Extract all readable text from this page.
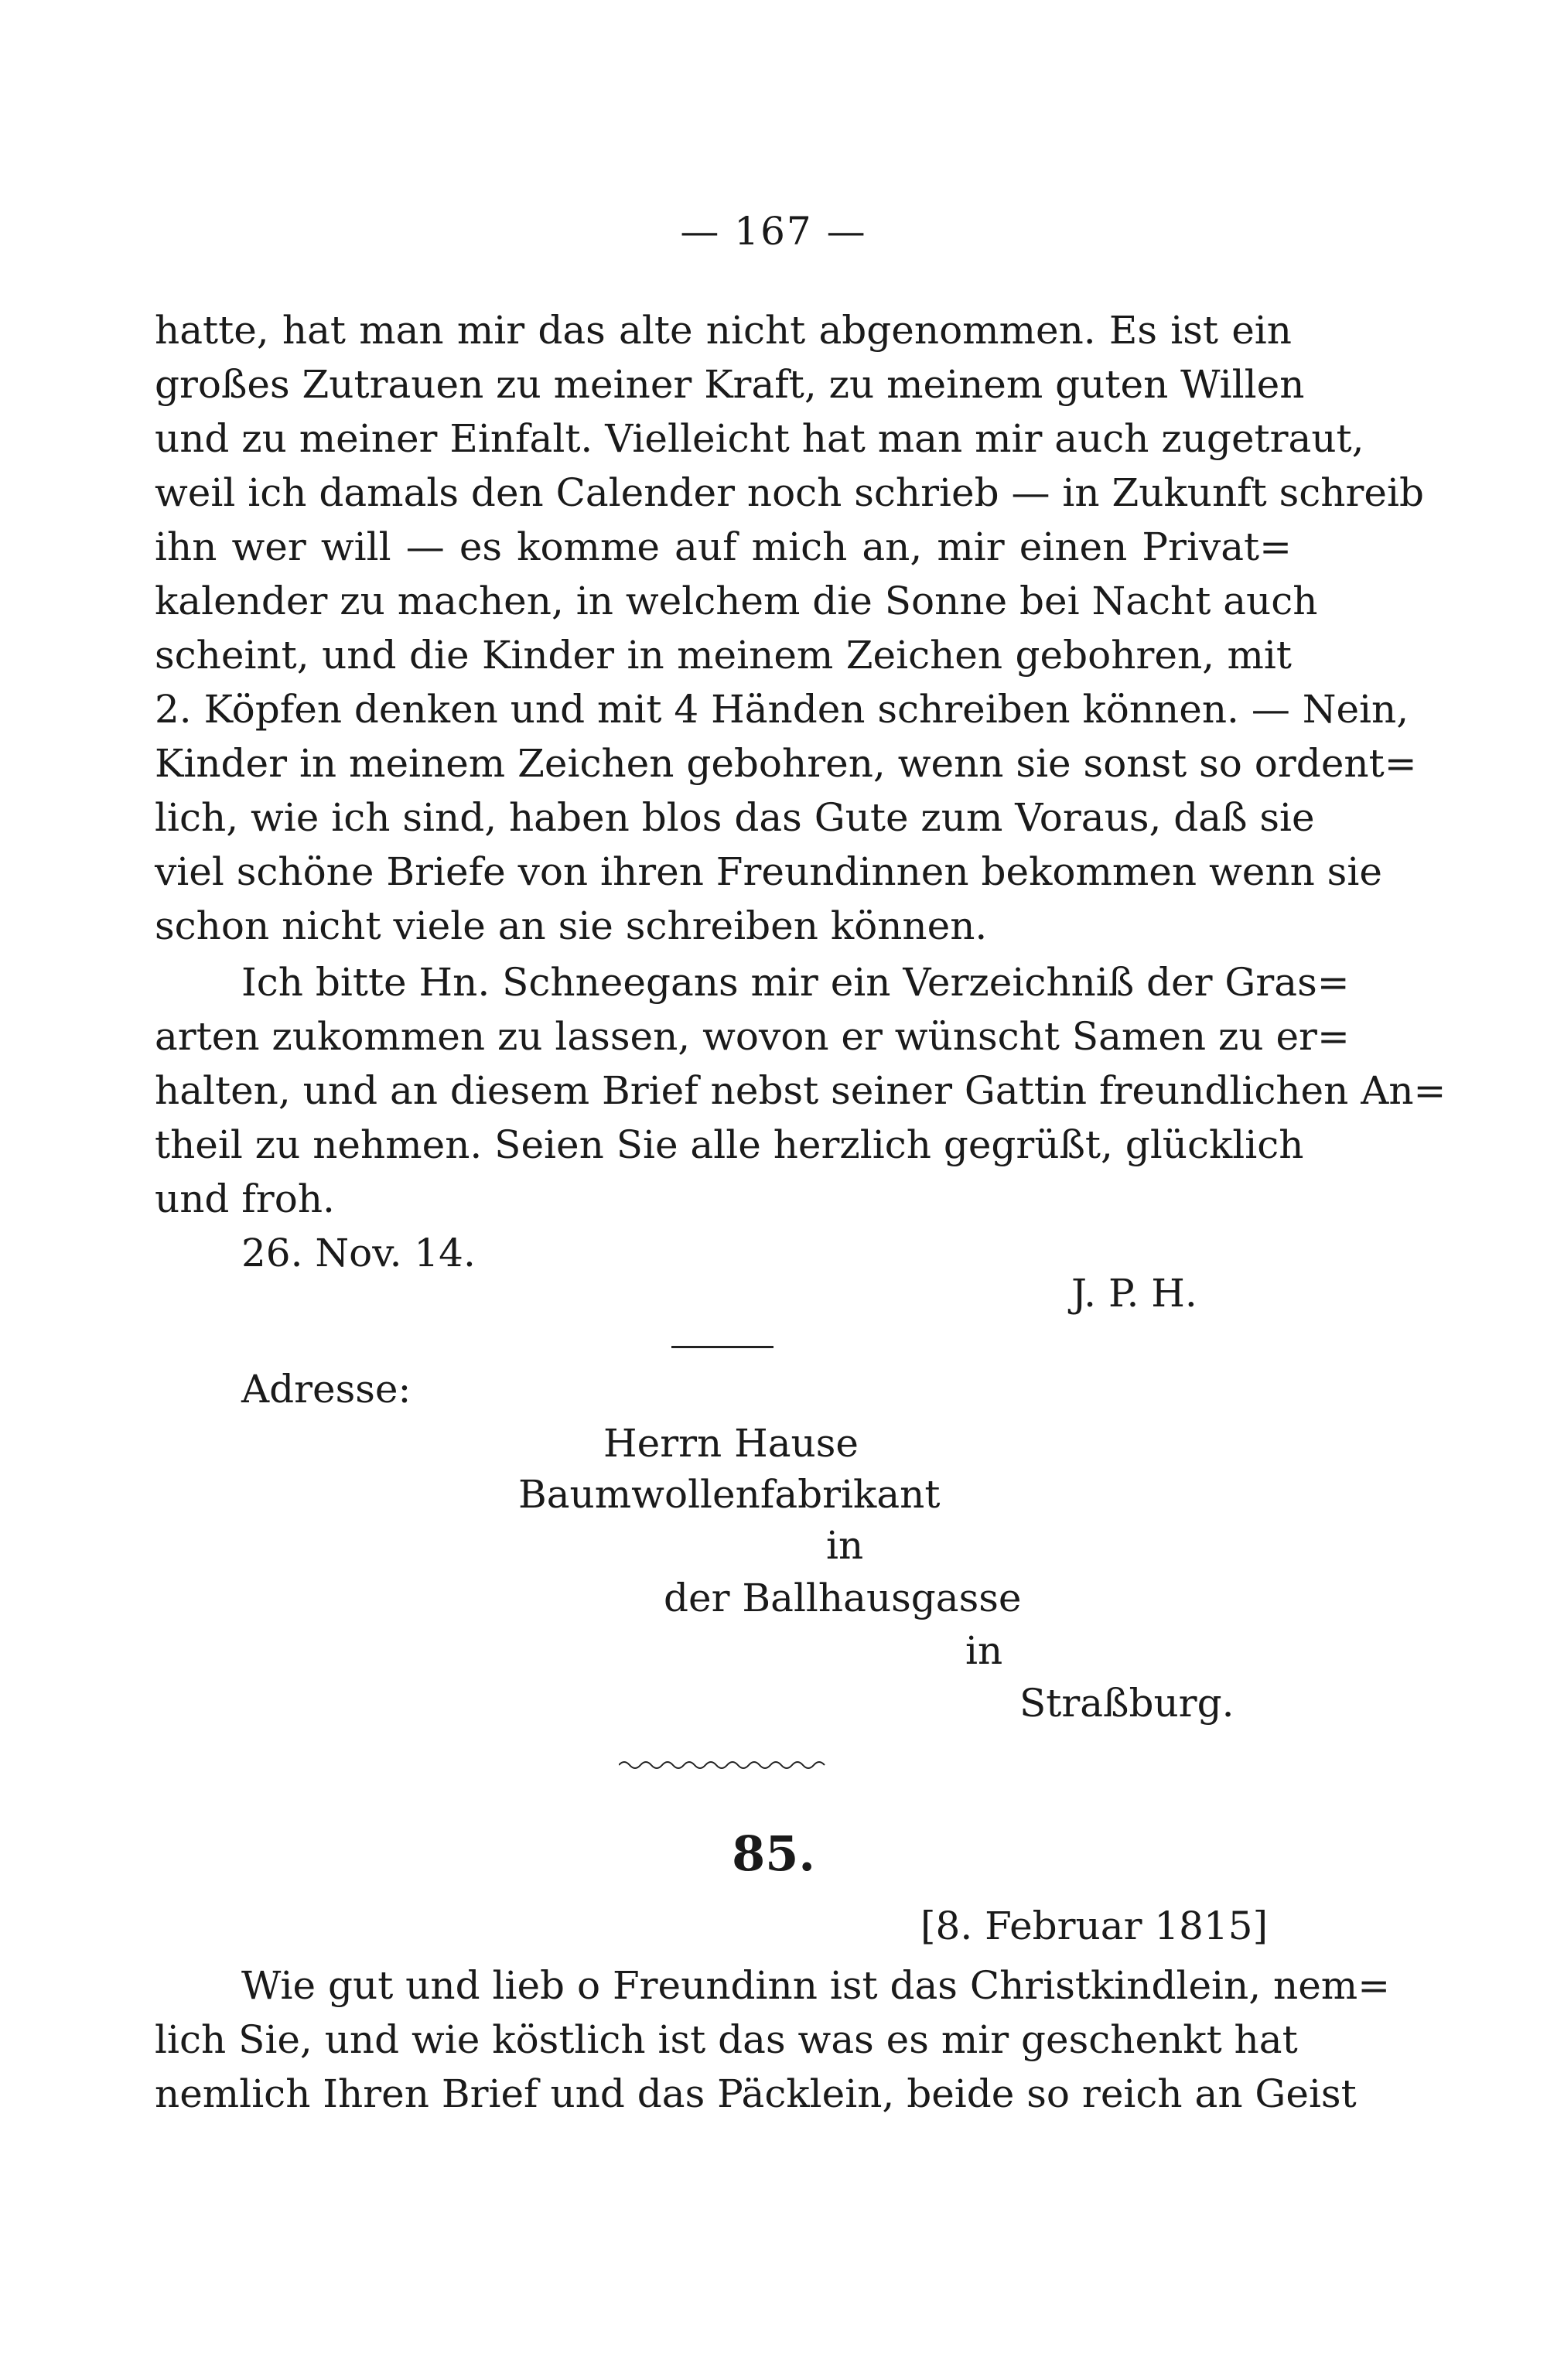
— 167 —
hatte, hat man mir das alte nicht abgenommen. Es ist ein
großes Zutrauen zu meiner Kraft, zu meinem guten Willen
und zu meiner Einfalt. Vielleicht hat man mir auch zugetraut,
weil ich damals den Calender noch schrieb — in Zukunft schreib
ihn wer will — es komme auf mich an, mir einen Privat=
kalender zu machen, in welchem die Sonne bei Nacht auch
scheint, und die Kinder in meinem Zeichen gebohren, mit
2. Köpfen denken und mit 4 Händen schreiben können. — Nein,
Kinder in meinem Zeichen gebohren, wenn sie sonst so ordent=
lich, wie ich sind, haben blos das Gute zum Voraus, daß sie
viel schöne Briefe von ihren Freundinnen bekommen wenn sie
schon nicht viele an sie schreiben können.
Ich bitte Hn. Schneegans mir ein Verzeichniß der Gras=
arten zukommen zu lassen, wovon er wünscht Samen zu er=
halten, und an diesem Brief nebst seiner Gattin freundlichen An=
theil zu nehmen. Seien Sie alle herzlich gegrüßt, glücklich
und froh.
26. Nov. 14.
J. P. H.
Adresse:
Herrn Hause
Baumwollenfabrikant
in
der Ballhausgasse
in
Straßburg.
85.
[8. Februar 1815]
Wie gut und lieb o Freundinn ist das Christkindlein, nem=
lich Sie, und wie köstlich ist das was es mir geschenkt hat
nemlich Ihren Brief und das Päcklein, beide so reich an Geist
